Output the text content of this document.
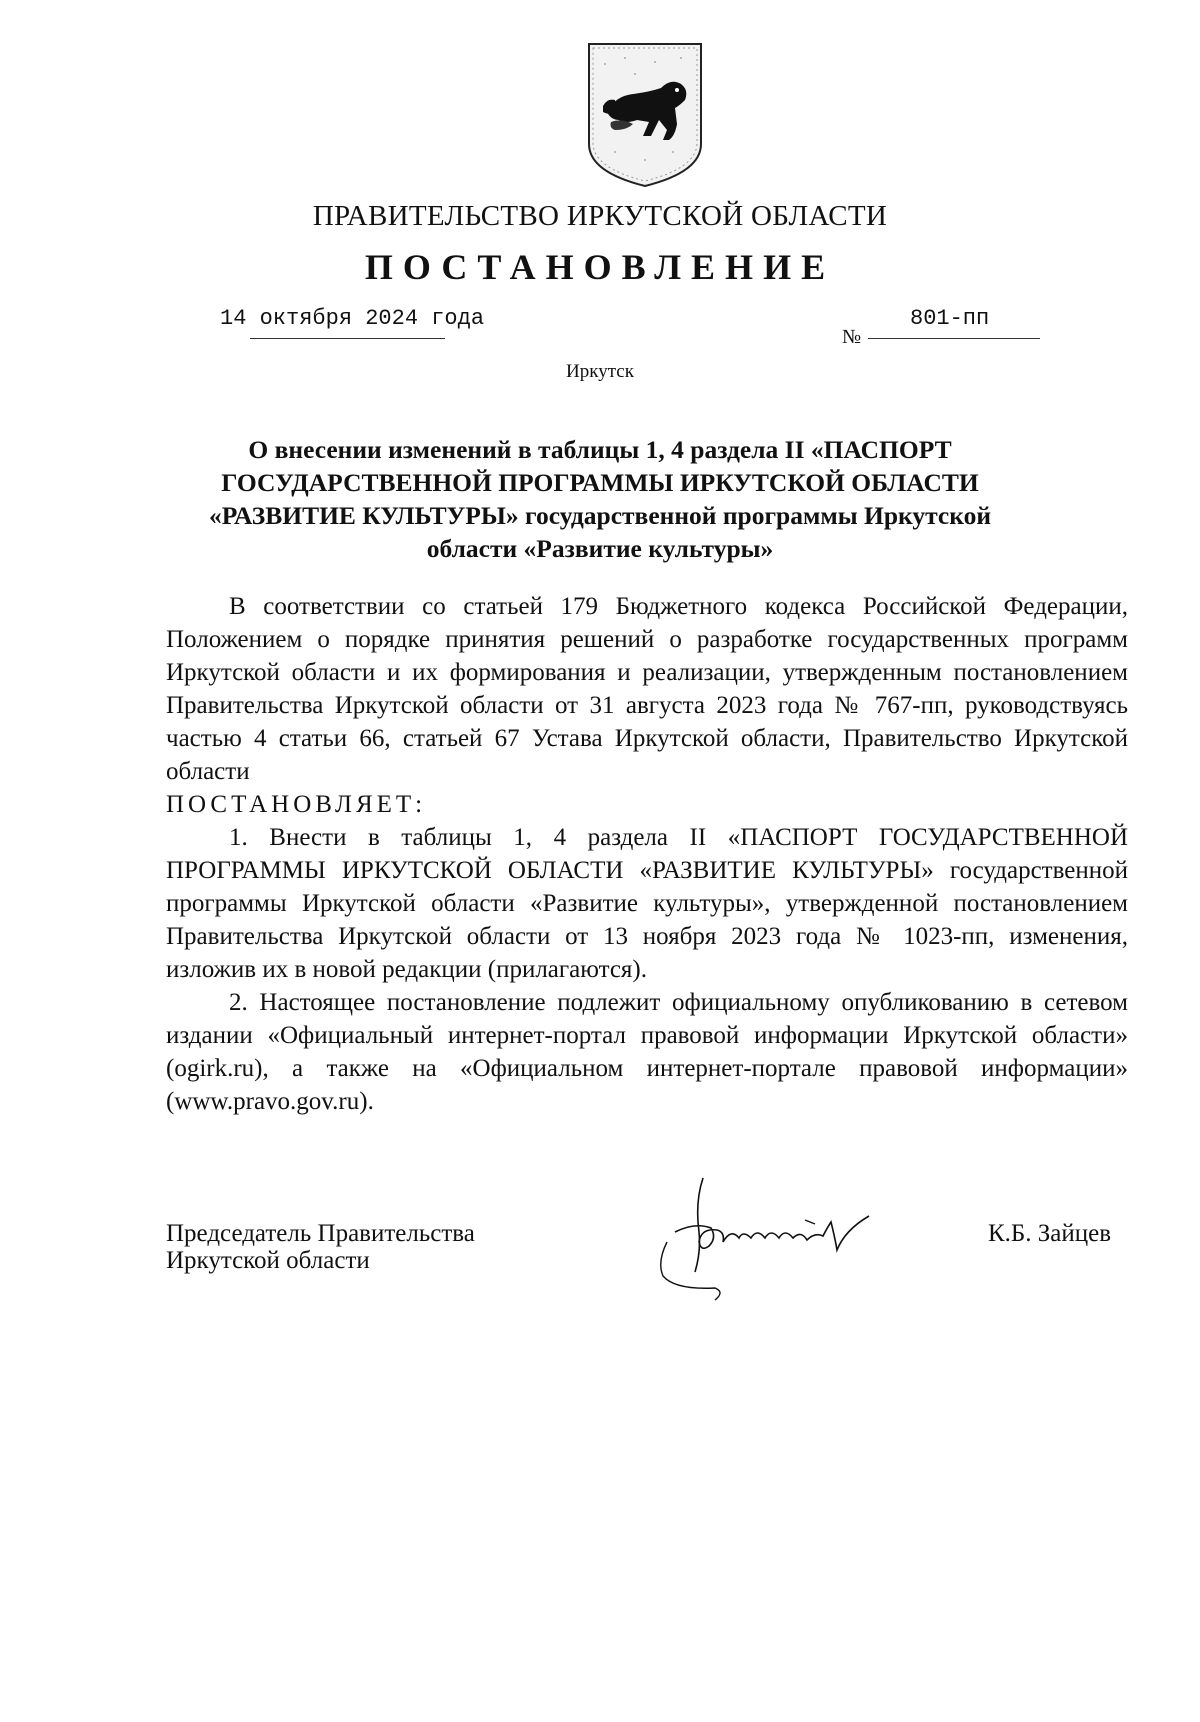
ПРАВИТЕЛЬСТВО ИРКУТСКОЙ ОБЛАСТИ
ПОСТАНОВЛЕНИЕ
14 октября 2024 года
№
801-пп
Иркутск
О внесении изменений в таблицы 1, 4 раздела II «ПАСПОРТ
ГОСУДАРСТВЕННОЙ ПРОГРАММЫ ИРКУТСКОЙ ОБЛАСТИ
«РАЗВИТИЕ КУЛЬТУРЫ» государственной программы Иркутской
области «Развитие культуры»

В соответствии со статьей 179 Бюджетного кодекса Российской Федерации, Положением о порядке принятия решений о разработке государственных программ Иркутской области и их формирования и реализации, утвержденным постановлением Правительства Иркутской области от 31 августа 2023 года № 767-пп, руководствуясь частью 4 статьи 66, статьей 67 Устава Иркутской области, Правительство Иркутской области

ПОСТАНОВЛЯЕТ:

1. Внести в таблицы 1, 4 раздела II «ПАСПОРТ ГОСУДАРСТВЕННОЙ ПРОГРАММЫ ИРКУТСКОЙ ОБЛАСТИ «РАЗВИТИЕ КУЛЬТУРЫ» государственной программы Иркутской области «Развитие культуры», утвержденной постановлением Правительства Иркутской области от 13 ноября 2023 года № 1023-пп, изменения, изложив их в новой редакции (прилагаются).

2. Настоящее постановление подлежит официальному опубликованию в сетевом издании «Официальный интернет-портал правовой информации Иркутской области» (ogirk.ru), а также на «Официальном интернет-портале правовой информации» (www.pravo.gov.ru).

Председатель Правительства
Иркутской области
К.Б. Зайцев
